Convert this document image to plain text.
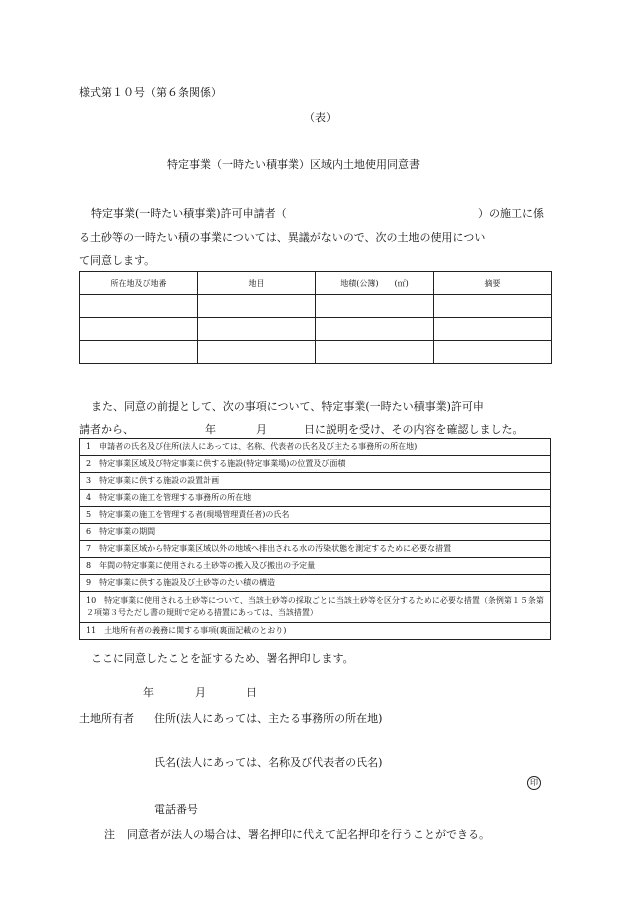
様式第１０号（第６条関係）
（表）
特定事業（一時たい積事業）区域内土地使用同意書
特定事業(一時たい積事業)許可申請者（	）の施工に係
る土砂等の一時たい積の事業については、異議がないので、次の土地の使用につい
て同意します。
所在地及び地番	地目	地積(公簿)　　(㎡)	摘要

また、同意の前提として、次の事項について、特定事業(一時たい積事業)許可申
請者から、	年	月	日に説明を受け、その内容を確認しました。
1　申請者の氏名及び住所(法人にあっては、名称、代表者の氏名及び主たる事務所の所在地)
2　特定事業区域及び特定事業に供する施設(特定事業場)の位置及び面積
3　特定事業に供する施設の設置計画
4　特定事業の施工を管理する事務所の所在地
5　特定事業の施工を管理する者(現場管理責任者)の氏名
6　特定事業の期間
7　特定事業区域から特定事業区域以外の地域へ排出される水の汚染状態を測定するために必要な措置
8　年間の特定事業に使用される土砂等の搬入及び搬出の予定量
9　特定事業に供する施設及び土砂等のたい積の構造
10　特定事業に使用される土砂等について、当該土砂等の採取ごとに当該土砂等を区分するために必要な措置（条例第１５条第２項第３号ただし書の規則で定める措置にあっては、当該措置）
11　土地所有者の義務に関する事項(裏面記載のとおり)
ここに同意したことを証するため、署名押印します。
年	月	日
土地所有者 住所(法人にあっては、主たる事務所の所在地)
氏名(法人にあっては、名称及び代表者の氏名)
印
電話番号
注 同意者が法人の場合は、署名押印に代えて記名押印を行うことができる。
